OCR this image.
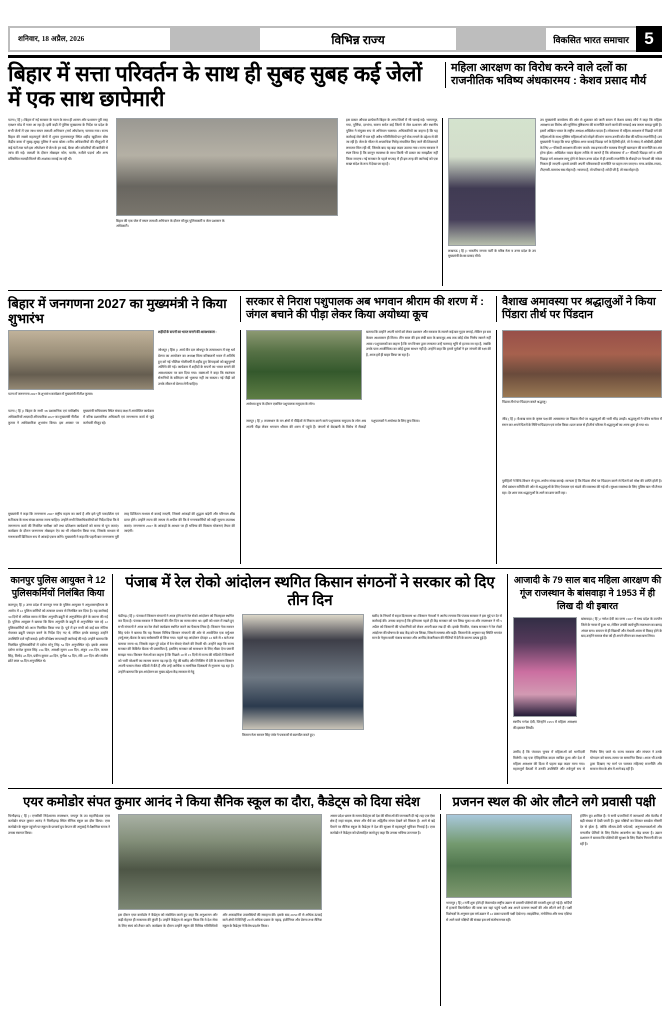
शनिवार, 18 अप्रैल, 2026	विभिन्न राज्य	विकसित भारत समाचार 5
बिहार में सत्ता परिवर्तन के साथ ही सुबह सुबह कई जेलों में एक साथ छापेमारी
महिला आरक्षण का विरोध करने वाले दलों का राजनीतिक भविष्य अंधकारमय : केशव प्रसाद मौर्य
पटना ( हिं )। बिहार में नई सरकार के गठन के साथ ही शासन और प्रशासन पूरी तरह एक्शन मोड में नजर आ रहा है। इसी कड़ी में पुलिस मुख्यालय के निर्देश पर प्रदेश के सभी जेलों में एक साथ सघन तलाशी अभियान (सर्च ऑपरेशन) चलाया गया। राज्य बिहार की सबसे महत्वपूर्ण जेलों में शुमार मुजफ्फरपुर स्थित शहीद खुदीराम बोस केंद्रीय कारा में सुबह-सुबह पुलिस ने धावा बोला। वरीय अधिकारियों की मौजूदगी में कई घंटों तक चले इस ऑपरेशन में जेल के हर वार्ड, बैरक और कोठरियों की बारीकी से जांच की गई। तलाशी के दौरान मोबाइल फोन, चार्जर, नशीले पदार्थ और अन्य प्रतिबंधित सामग्री मिलने की आशंका जताई जा रही थी।
बिहार की एक जेल में सघन तलाशी अभियान के दौरान मौजूद पुलिसकर्मी व जेल प्रशासन के अधिकारी।
इस प्रकार औचक छापेमारी बिहार के अन्य जिलों में भी चलाई गई। भागलपुर, गया, पूर्णिया, दरभंगा, सारण समेत कई जिलों में जेल प्रशासन और स्थानीय पुलिस ने संयुक्त रूप से अभियान चलाया। अधिकारियों का कहना है कि यह कार्रवाई जेलों में चल रही अवैध गतिविधियों पर पूर्ण रोक लगाने के उद्देश्य से की जा रही है। जेल के भीतर से अपराधिक गिरोह संचालित किए जाने की शिकायतें लगातार मिल रही थीं, जिसके बाद यह बड़ा कदम उठाया गया। राज्य सरकार ने स्पष्ट किया है कि कानून व्यवस्था के साथ किसी भी प्रकार का समझौता नहीं किया जाएगा। नई सरकार के पहले सप्ताह में ही इस तरह की कार्रवाई को एक सख्त संदेश के रूप में देखा जा रहा है।
लखनऊ ( हिं )। भारतीय जनता पार्टी के वरिष्ठ नेता व उत्तर प्रदेश के उप मुख्यमंत्री केशव प्रसाद मौर्य।
उप मुख्यमंत्री कार्यालय की ओर से शुक्रवार को जारी बयान में केशव प्रसाद मौर्य ने कहा कि महिला आरक्षण का विरोध और मुस्लिम तुष्टिकरण की राजनीति करने वालों की सच्चाई अब जनता समझ चुकी है। इसमें अखिल भारत के राष्ट्रीय अध्यक्ष अखिलेश यादव हैं। लोकसभा में महिला आरक्षण में पिछड़ी वर्ग की महिलाओं के साथ मुस्लिम महिलाओं को जोड़ने की मांग करना उनकी वोट बैंक की घटिया राजनीति है। उप मुख्यमंत्री ने कहा कि सपा मुखिया अगर वाकई पिछड़ा वर्ग के हितैषी होते, तो वे संसद में ओबीसी-ईबीसी के लिए 27 फीसदी आरक्षण की मांग करते। तब इनका मौन मतलब मैनपुरी खानदान की राजनीति का अंत होना होता। अखिलेश यादव बेहतर तरीके से जानते हैं कि लोकसभा में 27 फीसदी पिछड़ा वर्ग व अति पिछड़ा वर्ग आरक्षण लागू होने से केवल उत्तर प्रदेश में ही उनकी राजनीति के सैकड़ों पर नेताओं की नकेल निकल ही जाएगी। इससे उनकी अपनी परिवारवादी राजनीति पर ग्रहण लग जाएगा। मगर-कांग्रेस-राजद-टीएमसी-वामपंथ सब मोहरा हैं। भाजपा है, तो परिवार है। मोदी जी हैं, तो सब मोहरा है।
बिहार में जनगणना 2027 का मुख्यमंत्री ने किया शुभारंभ
सरकार से निराश पशुपालक अब भगवान श्रीराम की शरण में : जंगल बचाने की पीड़ा लेकर किया अयोध्या कूच
वैशाख अमावस्या पर श्रद्धालुओं ने किया पिंडारा तीर्थ पर पिंडदान
पटना में जनगणना 2027 के शुभारंभ कार्यक्रम में मुख्यमंत्री नीतीश कुमार।
पटना ( हिं )। बिहार के सभी 38 प्रशासनिक एवं पर्यवेक्षीय अधिकारियों आज़ादी औपचारिक 2027 का मुख्यमंत्री नीतीश कुमार ने आधिकारिक शुभारंभ किया। इस अवसर पर मुख्यमंत्री सचिवालय स्थित संवाद कक्ष में आयोजित कार्यक्रम में वरिष्ठ प्रशासनिक अधिकारी एवं जनगणना कार्य से जुड़े कर्मचारी मौजूद रहे।
शहीदों के सपनों का भारत बनाने की आवश्यकता :
जोधपुर ( हिंस )। आर्य वीर दल जोधपुर के तत्वावधान में राष्ट्र धर्म प्रेरणा का आयोजन का अध्यक्ष मिला वरिष्ठजनों भवन में अतिथि हुए को नई भौतिक गोलीवर्षी में शहीद हुए शिपाहको को बहुपुरुषों अतिथि की गई। कार्यक्रम में शहीदों के सपनों का भारत बनाने की आवश्यकता पर बल दिया गया। वक्ताओं ने कहा कि स्वतंत्रता सेनानियों के बलिदान को भुलाया नहीं जा सकता। नई पीढ़ी को उनके जीवन से प्रेरणा लेनी चाहिए।
मुख्यमंत्री ने कहा कि जनगणना 2027 राष्ट्रीय महत्व का कार्य है और इसे पूरी पारदर्शिता एवं सटीकता के साथ संपन्न कराया जाना चाहिए। उन्होंने सभी जिलाधिकारियों को निर्देश दिया कि वे जनगणना कार्य की नियमित समीक्षा करें तथा प्रशिक्षण कार्यक्रमों को समय से पूरा कराएं। कार्यक्रम के दौरान जनगणना मोबाइल ऐप का भी लोकार्पण किया गया, जिसके माध्यम से गणनाकर्मी डिजिटल रूप में आंकड़े एकत्र करेंगे। मुख्यमंत्री ने कहा कि पहली बार जनगणना पूरी तरह डिजिटल माध्यम से कराई जाएगी, जिससे आंकड़ों की शुद्धता बढ़ेगी और परिणाम शीघ्र प्राप्त होंगे। उन्होंने राज्य की जनता से अपील की कि वे गणनाकर्मियों को सही सूचना उपलब्ध कराएं। जनगणना 2027 के आंकड़ों के आधार पर ही भविष्य की विकास योजनाएं तैयार की जाएंगी।
अयोध्या कूच के दौरान एकत्रित पशुपालक समुदाय के लोग।
बताया कि उन्होंने अपनी मांगों को लेकर प्रशासन और सरकार के सामने कई बार गुहार लगाई, लेकिन हर बार केवल आश्वासन ही मिला। तीन साल की इस लंबी बात के बावजूद अब तक कोई ठोस निर्णय सामने नहीं आया। पशुपालकों का कहना है कि वन विभाग द्वारा लगातार उन्हें चरागाह भूमि से हटाया जा रहा है, जबकि उनके पास आजीविका का कोई दूसरा साधन नहीं है। उन्होंने कहा कि हमारे पूर्वजों ने इन जंगलों की रक्षा की है, आज हमें ही बाहर किया जा रहा है।
जयपुर ( हिं )। राजस्थान के वन क्षेत्रों में पीढ़ियों से निवास करने वाले पशुपालक समुदाय के लोग अब अपनी पीड़ा लेकर भगवान श्रीराम की शरण में पहुंचे हैं। जंगलों से बेदखली के विरोध में सैकड़ों पशुपालकों ने अयोध्या के लिए कूच किया।
पिंडारा तीर्थ पर पिंडदान करते श्रद्धालु।
जींद ( हिं )। वैशाख मास के कृष्ण पक्ष की अमावस्या पर पिंडारा तीर्थ पर श्रद्धालुओं की भारी भीड़ उमड़ी। श्रद्धालुओं ने पवित्र सरोवर में स्नान कर अपने पितरों के निमित्त पिंडदान एवं तर्पण किया। प्रातः काल से ही तीर्थ परिसर में श्रद्धालुओं का आना शुरू हो गया था।
पुरोहितों ने विधि-विधान से पूजा-अर्चना संपन्न कराई। मान्यता है कि पिंडारा तीर्थ पर पिंडदान करने से पितरों को मोक्ष की प्राप्ति होती है। तीर्थ प्रबंधन समिति की ओर से श्रद्धालुओं के लिए पेयजल एवं भंडारे की व्यवस्था की गई थी। सुरक्षा व्यवस्था के लिए पुलिस बल भी तैनात रहा। देर शाम तक श्रद्धालुओं के आने का क्रम जारी रहा।
कानपुर पुलिस आयुक्त ने 12 पुलिसकर्मियों निलंबित किया
कानपुर( हिं )। उत्तर प्रदेश में कानपुर नगर के पुलिस आयुक्त ने अनुशासनहीनता के आरोप में 12 पुलिस कर्मियों को तत्काल प्रभाव से निलंबित कर दिया है। यह कार्रवाई 30 दिनों से अधिक समय से बिना अनुमति ड्यूटी से अनुपस्थित होने के कारण की गई है। पुलिस आयुक्त ने बताया कि बिना अनुमति के ड्यूटी से अनुपस्थित चल रहे 12 पुलिसकर्मियों को आज निलंबित किया गया है। पूर्व में इन सभी को कई बार नोटिस भेजकर ड्यूटी ज्वाइन करने के निर्देश दिए गए थे, लेकिन इनके बावजूद उन्होंने उपस्थिति दर्ज नहीं कराई। इसी परिप्रेक्ष्य लापरवाही कार्रवाई की गई। उन्होंने बताया कि निलंबित पुलिसकर्मियों में दरोगा मोनू सिंह 54 दिन अनुपस्थित रहे। इसके अलावा दरोगा राजेश कुमार सिंह 134 दिन, आरक्षी सुमन 108 दिन, अंकुर 135 दिन, कमल सिंह, विनोद 43 दिन, प्रवीण कुमार 40 दिन, मुनीश 52 दिन, रवि 107 दिन और संजीव छोटे लाल 36 दिन अनुपस्थित थे।
पंजाब में रेल रोको आंदोलन स्थगित किसान संगठनों ने सरकार को दिए तीन दिन
चंडीगढ़ ( हिं )। पंजाब में किसान संगठनों ने आज होने वाले रेल रोको आंदोलन को फिलहाल स्थगित कर दिया है। पंजाब सरकार ने किसानों की तीन दिन का समय मांगा था। इसी को ध्यान में रखते हुए सभी संगठनों ने आज का रेल रोको कार्यक्रम स्थगित करने का फैसला लिया है। किसान नेता सरवन सिंह पंधेर ने बताया कि यह फैसला विभिन्न किसान संगठनों की ओर से आयोजित एक वर्चुअल (वर्चुअल) बैठक के बाद सर्वसम्मति से लिया गया। पहले यह आंदोलन दोपहर 12 बजे से 3 बजे तक चलाया जाना था, जिसके तहत पूरे प्रदेश में रेल सेवाएं रोकने की तैयारी थी। उन्होंने कहा कि राज्य सरकार की कैबिनेट बैठक भी प्रस्तावित है, इसलिए सरकार को समाधान के लिए मौका देना जरूरी समझा गया। किसान नेताओं का कहना है कि पिछले 10 से 15 दिनों से राज्य की मंडियों में किसानों को भारी परेशानी का सामना करना पड़ रहा है। गेहूं की खरीद और लिफ्टिंग में देरी के कारण किसान अपनी फसल लेकर मंडियों में बैठे हैं और उन्हें आर्थिक व मानसिक दिक्कतों से गुजरना पड़ रहा है। उन्होंने बताया कि इस आंदोलन का मुख्य उद्देश्य केंद्र सरकार से गेहूं
किसान नेता सरवन सिंह पंधेर ने पत्रकारों से बातचीत करते हुए।
खरीद के नियमों में राहत दिलवाना था। किसान नेताओं ने आरोप लगाया कि पंजाब सरकार ने इस मुद्दे पर देर से कार्रवाई की। उनका कहना है कि हरियाणा पहले ही केंद्र सरकार को पत्र लिख चुका था और राजस्थान ने भी 5 अप्रैल को किसानों की परेशानियों को लेकर अपनी बात रख दी थी। इसके विपरीत, पंजाब सरकार ने रेल रोको आंदोलन की घोषणा के बाद केंद्र को पत्र लिखा, जिससे समस्या और बढ़ी। किसानों के अनुसार यह स्थिति भगवंत मान के नेतृत्व वाली पंजाब सरकार और अरविंद केजरीवाल की नीतियों में देरी के कारण उत्पन्न हुई है।
आजादी के 79 साल बाद महिला आरक्षण की गूंज राजस्थान के बांसवाड़ा ने 1953 में ही लिख दी थी इबारत
स्वर्गीय गणेश देवी, जिन्होंने 1953 में महिला आरक्षण की इबारत लिखी।
बांसवाड़ा ( हिं )। गणेश देवी का जन्म 1927 में मध्य प्रदेश के उज्जैन जिले के नरवर में हुआ था, लेकिन उनकी कार्यभूमि राजस्थान का बागड़ अंचल बना। बचपन से ही विद्यार्थी और मेधावी आत्म से विवाह होने के बाद उन्होंने समाज सेवा को ही अपने जीवन का लक्ष्य बना लिया।
उम्मीद है कि पंचायत चुनाव में महिलाओं को भागीदारी मिलेगी। यह एक ऐतिहासिक कदम साबित हुआ और देश में महिला आरक्षण की दिशा में पहला बड़ा कदम माना गया। महत्वपूर्ण बैठकों में उनकी उपस्थिति और तर्कपूर्ण राय से निर्णय लिए जाते थे। राज्य सरकार और संगठन ने उनके योगदान को समय-समय पर सम्मानित किया। आज भी उनके द्वारा दिखाए गए मार्ग पर चलकर महिलाएं राजनीति और समाज सेवा के क्षेत्र में आगे बढ़ रही हैं।
एयर कमोडोर संपत कुमार आनंद ने किया सैनिक स्कूल का दौरा, कैडेट्स को दिया संदेश	प्रजनन स्थल की ओर लौटने लगे प्रवासी पक्षी
चित्तौड़गढ़ ( हिं )। एनसीसी निदेशालय राजस्थान, जयपुर के उप महानिदेशक एयर कमोडोर संपत कुमार आनंद ने चित्तौड़गढ़ स्थित सैनिक स्कूल का दौरा किया। एयर कमोडोर के स्कूल पहुंचने पर स्कूल के प्राचार्य ग्रुप केप्टन की अगुवाई में शैक्षणिक स्टाफ ने उनका स्वागत किया।
इस दौरान एयर कमोडोर ने कैडेट्स को संबोधित करते हुए कहा कि अनुशासन और कड़ी मेहनत ही सफलता की कुंजी है। उन्होंने कैडेट्स से आह्वान किया कि वे देश सेवा के लिए स्वयं को तैयार करें। कार्यक्रम के दौरान उन्होंने स्कूल की विभिन्न गतिविधियों और अकादमिक उपलब्धियों की सराहना की। इसके बाद 2650 मी से अधिक ऊंचाई वाले क्षेत्रों में मिलिट्री 20 से अधिक प्रकार के पहाड़, इंजीनियर और प्रेरणा तथा सैनिक स्कूल के कैडेट्स ने विशेष प्रदर्शन किया।
असम प्रदेश भ्रमण के समय कैडेट्स को देश की सीमाओं की जानकारी दी गई। यह एक ऐसा क्षेत्र है जहां साहस, संयम और धैर्य का अद्वितीय संगम देखने को मिलता है। आगे से बड़े पैमाने पर सैनिक स्कूल के कैडेट्स ने देश की सुरक्षा में महत्वपूर्ण भूमिका निभाई है। एयर कमोडोर ने कैडेट्स को प्रोत्साहित करते हुए कहा कि उनका भविष्य उज्ज्वल है।
भरतपुर ( हिं )। गर्मी शुरू होते ही केवलादेव राष्ट्रीय उद्यान से प्रवासी पक्षियों की वापसी शुरू हो गई है। सर्दियों में हजारों किलोमीटर की यात्रा कर यहां पहुंचे पक्षी अब अपने प्रजनन स्थलों की ओर लौटने लगे हैं। पक्षी विशेषज्ञों के अनुसार इस वर्ष उद्यान में 12 प्रकार प्रवासी पक्षी देखे गए। साइबेरिया, मंगोलिया और मध्य एशिया से आने वाले पक्षियों की संख्या इस वर्ष संतोषजनक रही।
होमिंग ग्रुप शामिल हैं। ये सभी प्रजातियों में जलाशयों और वेटलैंड में बड़ी संख्या में देखी जाती हैं। कुछ पक्षियों का शिकार बाघडेरा मौसमी देर से होता है, जोकि मौसम-प्रेमी पर्यटकों, अनुसंधानकर्ताओं और वन्यजीव प्रेमियों के लिए विशेष आकर्षण का केंद्र बनता है। उद्यान प्रशासन ने बताया कि पक्षियों की सुरक्षा के लिए विशेष निगरानी की जा रही है।
